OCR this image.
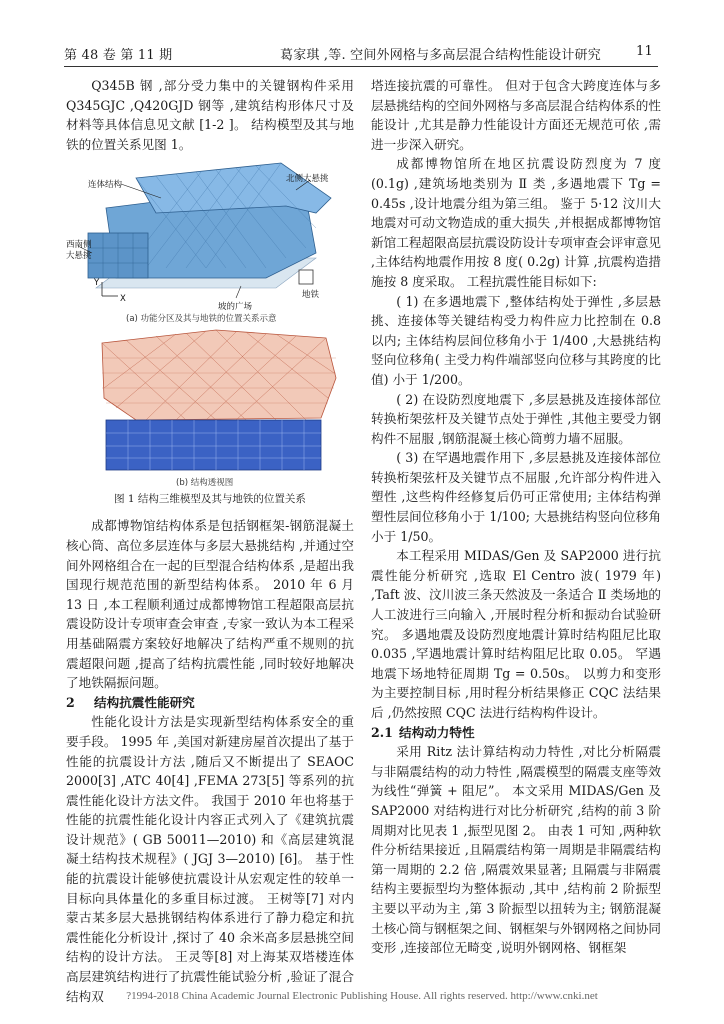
第 48 卷 第 11 期	葛家琪 ,等. 空间外网格与多高层混合结构性能设计研究	11

Q345B 钢 ,部分受力集中的关键钢构件采用Q345GJC ,Q420GJD 钢等 ,建筑结构形体尺寸及材料等具体信息见文献 [1-2 ]。 结构模型及其与地铁的位置关系见图 1。

连体结构
北侧大悬挑
西南侧
大悬挑
Y
X
坡的广场
地铁
(a) 功能分区及其与地铁的位置关系示意
(b) 结构透视图
图 1 结构三维模型及其与地铁的位置关系

成都博物馆结构体系是包括钢框架-钢筋混凝土核心筒、高位多层连体与多层大悬挑结构 ,并通过空间外网格组合在一起的巨型混合结构体系 ,是超出我国现行规范范围的新型结构体系。 2010 年 6 月 13 日 ,本工程顺利通过成都博物馆工程超限高层抗震设防设计专项审查会审查 ,专家一致认为本工程采用基础隔震方案较好地解决了结构严重不规则的抗震超限问题 ,提高了结构抗震性能 ,同时较好地解决了地铁隔振问题。

2 结构抗震性能研究

性能化设计方法是实现新型结构体系安全的重要手段。 1995 年 ,美国对新建房屋首次提出了基于性能的抗震设计方法 ,随后又不断提出了 SEAOC 2000[3] ,ATC 40[4] ,FEMA 273[5] 等系列的抗震性能化设计方法文件。 我国于 2010 年也将基于性能的抗震性能化设计内容正式列入了《建筑抗震设计规范》( GB 50011—2010) 和《高层建筑混凝土结构技术规程》( JGJ 3—2010) [6]。 基于性能的抗震设计能够使抗震设计从宏观定性的较单一目标向具体量化的多重目标过渡。 王树等[7] 对内蒙古某多层大悬挑钢结构体系进行了静力稳定和抗震性能化分析设计 ,探讨了 40 余米高多层悬挑空间结构的设计方法。 王灵等[8] 对上海某双塔楼连体高层建筑结构进行了抗震性能试验分析 ,验证了混合结构双

塔连接抗震的可靠性。 但对于包含大跨度连体与多层悬挑结构的空间外网格与多高层混合结构体系的性能设计 ,尤其是静力性能设计方面还无规范可依 ,需进一步深入研究。

成都博物馆所在地区抗震设防烈度为 7 度 (0.1g) ,建筑场地类别为 Ⅱ 类 ,多遇地震下 Tg = 0.45s ,设计地震分组为第三组。 鉴于 5·12 汶川大地震对可动文物造成的重大损失 ,并根据成都博物馆新馆工程超限高层抗震设防设计专项审查会评审意见 ,主体结构地震作用按 8 度( 0.2g) 计算 ,抗震构造措施按 8 度采取。 工程抗震性能目标如下:

( 1) 在多遇地震下 ,整体结构处于弹性 ,多层悬挑、连接体等关键结构受力构件应力比控制在 0.8 以内; 主体结构层间位移角小于 1/400 ,大悬挑结构竖向位移角( 主受力构件端部竖向位移与其跨度的比值) 小于 1/200。

( 2) 在设防烈度地震下 ,多层悬挑及连接体部位转换桁架弦杆及关键节点处于弹性 ,其他主要受力钢构件不屈服 ,钢筋混凝土核心筒剪力墙不屈服。

( 3) 在罕遇地震作用下 ,多层悬挑及连接体部位转换桁架弦杆及关键节点不屈服 ,允许部分构件进入塑性 ,这些构件经修复后仍可正常使用; 主体结构弹塑性层间位移角小于 1/100; 大悬挑结构竖向位移角小于 1/50。

本工程采用 MIDAS/Gen 及 SAP2000 进行抗震性能分析研究 ,选取 El Centro 波( 1979 年) ,Taft 波、汶川波三条天然波及一条适合 Ⅱ 类场地的人工波进行三向输入 ,开展时程分析和振动台试验研究。 多遇地震及设防烈度地震计算时结构阻尼比取 0.035 ,罕遇地震计算时结构阻尼比取 0.05。 罕遇地震下场地特征周期 Tg = 0.50s。 以剪力和变形为主要控制目标 ,用时程分析结果修正 CQC 法结果后 ,仍然按照 CQC 法进行结构构件设计。

2.1 结构动力特性

采用 Ritz 法计算结构动力特性 ,对比分析隔震与非隔震结构的动力特性 ,隔震模型的隔震支座等效为线性“弹簧 + 阻尼”。 本文采用 MIDAS/Gen 及 SAP2000 对结构进行对比分析研究 ,结构的前 3 阶周期对比见表 1 ,振型见图 2。 由表 1 可知 ,两种软件分析结果接近 ,且隔震结构第一周期是非隔震结构第一周期的 2.2 倍 ,隔震效果显著; 且隔震与非隔震结构主要振型均为整体振动 ,其中 ,结构前 2 阶振型主要以平动为主 ,第 3 阶振型以扭转为主; 钢筋混凝土核心筒与钢框架之间、钢框架与外钢网格之间协同变形 ,连接部位无畸变 ,说明外钢网格、钢框架

?1994-2018 China Academic Journal Electronic Publishing House. All rights reserved. http://www.cnki.net
